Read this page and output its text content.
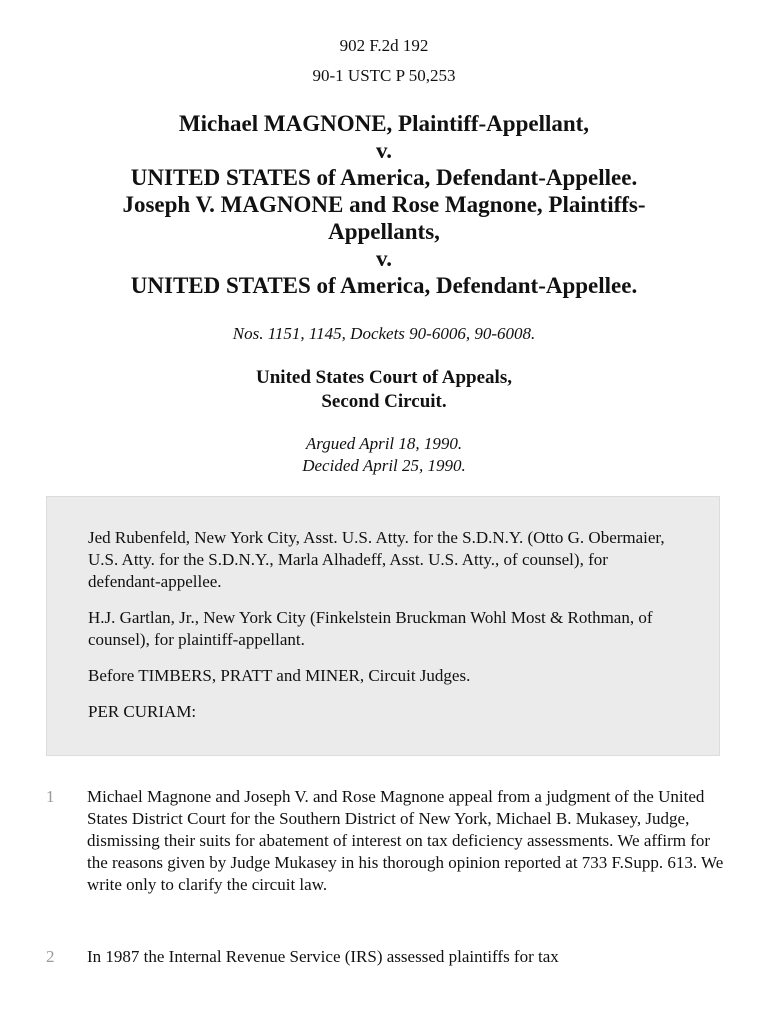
902 F.2d 192
90-1 USTC P 50,253
Michael MAGNONE, Plaintiff-Appellant,
v.
UNITED STATES of America, Defendant-Appellee.
Joseph V. MAGNONE and Rose Magnone, Plaintiffs-
Appellants,
v.
UNITED STATES of America, Defendant-Appellee.
Nos. 1151, 1145, Dockets 90-6006, 90-6008.
United States Court of Appeals,
Second Circuit.
Argued April 18, 1990.
Decided April 25, 1990.

Jed Rubenfeld, New York City, Asst. U.S. Atty. for the S.D.N.Y. (Otto G. Obermaier, U.S. Atty. for the S.D.N.Y., Marla Alhadeff, Asst. U.S. Atty., of counsel), for defendant-appellee.

H.J. Gartlan, Jr., New York City (Finkelstein Bruckman Wohl Most & Rothman, of counsel), for plaintiff-appellant.

Before TIMBERS, PRATT and MINER, Circuit Judges.

PER CURIAM:

1 Michael Magnone and Joseph V. and Rose Magnone appeal from a judgment of the United States District Court for the Southern District of New York, Michael B. Mukasey, Judge, dismissing their suits for abatement of interest on tax deficiency assessments. We affirm for the reasons given by Judge Mukasey in his thorough opinion reported at 733 F.Supp. 613. We write only to clarify the circuit law.
2 In 1987 the Internal Revenue Service (IRS) assessed plaintiffs for tax
